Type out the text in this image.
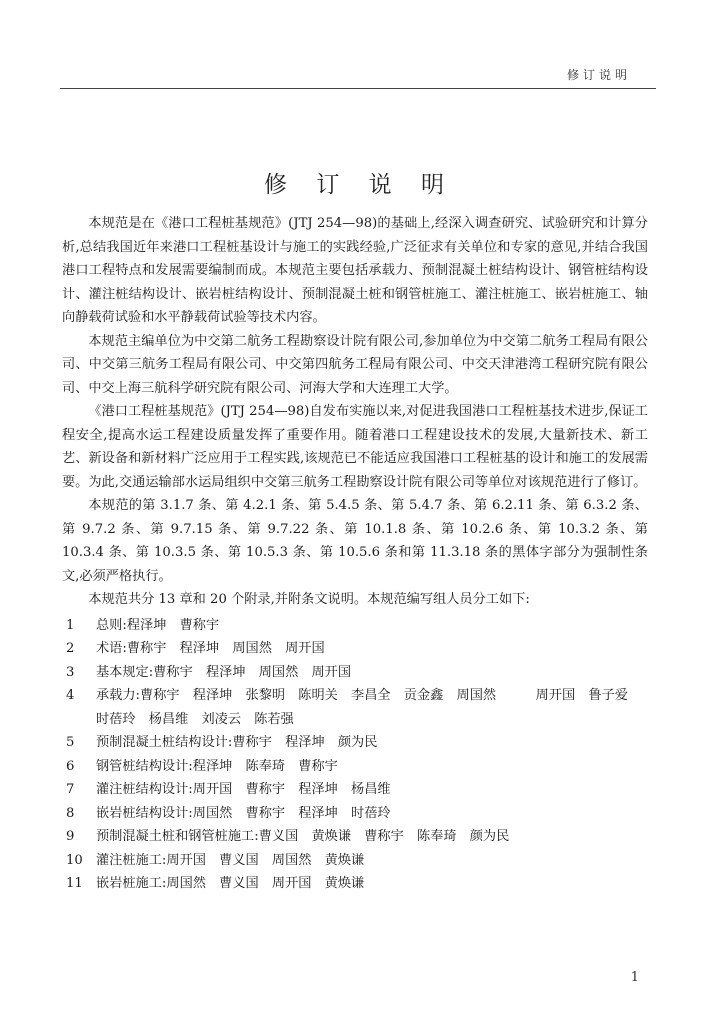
修订说明
修 订 说 明

本规范是在《港口工程桩基规范》(JTJ 254—98)的基础上,经深入调查研究、试验研究和计算分析,总结我国近年来港口工程桩基设计与施工的实践经验,广泛征求有关单位和专家的意见,并结合我国港口工程特点和发展需要编制而成。本规范主要包括承载力、预制混凝土桩结构设计、钢管桩结构设计、灌注桩结构设计、嵌岩桩结构设计、预制混凝土桩和钢管桩施工、灌注桩施工、嵌岩桩施工、轴向静载荷试验和水平静载荷试验等技术内容。

本规范主编单位为中交第二航务工程勘察设计院有限公司,参加单位为中交第二航务工程局有限公司、中交第三航务工程局有限公司、中交第四航务工程局有限公司、中交天津港湾工程研究院有限公司、中交上海三航科学研究院有限公司、河海大学和大连理工大学。

《港口工程桩基规范》(JTJ 254—98)自发布实施以来,对促进我国港口工程桩基技术进步,保证工程安全,提高水运工程建设质量发挥了重要作用。随着港口工程建设技术的发展,大量新技术、新工艺、新设备和新材料广泛应用于工程实践,该规范已不能适应我国港口工程桩基的设计和施工的发展需要。为此,交通运输部水运局组织中交第三航务工程勘察设计院有限公司等单位对该规范进行了修订。

本规范的第 3.1.7 条、第 4.2.1 条、第 5.4.5 条、第 5.4.7 条、第 6.2.11 条、第 6.3.2 条、第 9.7.2 条、第 9.7.15 条、第 9.7.22 条、第 10.1.8 条、第 10.2.6 条、第 10.3.2 条、第 10.3.4 条、第 10.3.5 条、第 10.5.3 条、第 10.5.6 条和第 11.3.18 条的黑体字部分为强制性条文,必须严格执行。

本规范共分 13 章和 20 个附录,并附条文说明。本规范编写组人员分工如下:

1	总则:程泽坤　曹称宇
2	术语:曹称宇　程泽坤　周国然　周开国
3	基本规定:曹称宇　程泽坤　周国然　周开国
4	承载力:曹称宇　程泽坤　张黎明　陈明关　李昌全　贡金鑫　周国然　　　周开国　鲁子爱　时蓓玲　杨昌维　刘凌云　陈若强
5	预制混凝土桩结构设计:曹称宇　程泽坤　颜为民
6	钢管桩结构设计:程泽坤　陈奉琦　曹称宇
7	灌注桩结构设计:周开国　曹称宇　程泽坤　杨昌维
8	嵌岩桩结构设计:周国然　曹称宇　程泽坤　时蓓玲
9	预制混凝土桩和钢管桩施工:曹义国　黄焕谦　曹称宇　陈奉琦　颜为民
10	灌注桩施工:周开国　曹义国　周国然　黄焕谦
11	嵌岩桩施工:周国然　曹义国　周开国　黄焕谦
1
